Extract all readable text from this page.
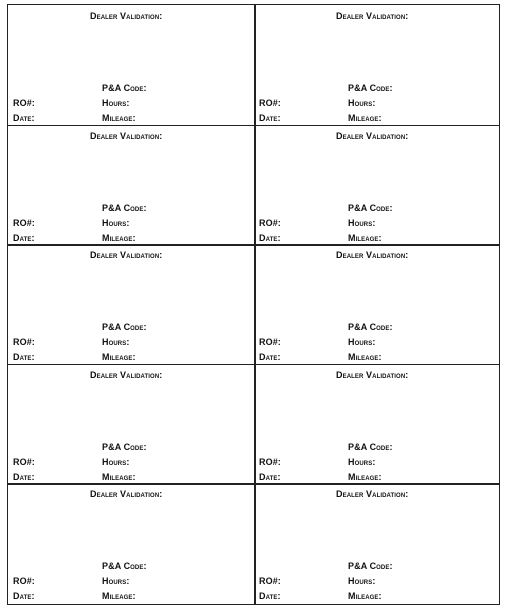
Dealer Validation:
P&A Code:
RO#:	Hours:
Date:	Mileage:
Dealer Validation:
P&A Code:
RO#:	Hours:
Date:	Mileage:
Dealer Validation:
P&A Code:
RO#:	Hours:
Date:	Mileage:
Dealer Validation:
P&A Code:
RO#:	Hours:
Date:	Mileage:
Dealer Validation:
P&A Code:
RO#:	Hours:
Date:	Mileage:
Dealer Validation:
P&A Code:
RO#:	Hours:
Date:	Mileage:
Dealer Validation:
P&A Code:
RO#:	Hours:
Date:	Mileage:
Dealer Validation:
P&A Code:
RO#:	Hours:
Date:	Mileage:
Dealer Validation:
P&A Code:
RO#:	Hours:
Date:	Mileage:
Dealer Validation:
P&A Code:
RO#:	Hours:
Date:	Mileage:
